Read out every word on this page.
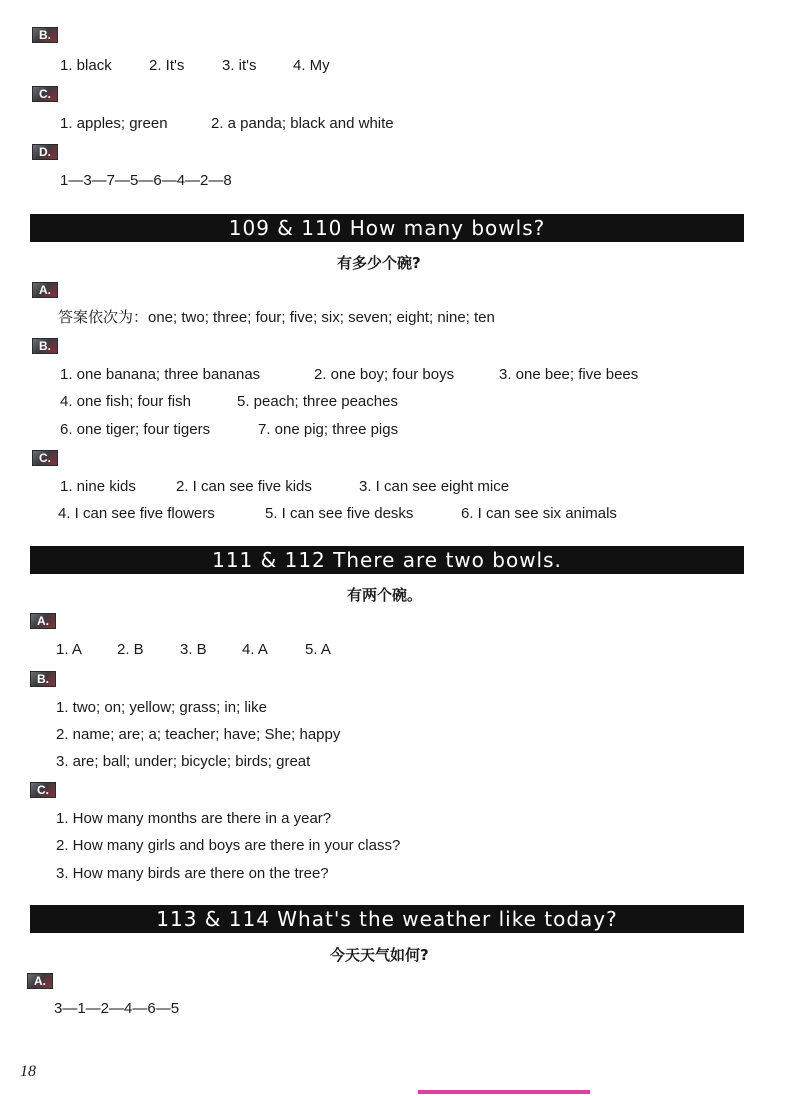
B.

1. black

2. It's

	3. it's

4. My

C.

1. apples; green

	2. a panda; black and white

D.
1—3—7—5—6—4—2—8
109 & 110 How many bowls?
有多少个碗?
A.
答案依次为：one; two; three; four; five; six; seven; eight; nine; ten
B.

1. one banana; three bananas

	2. one boy; four boys

	3. one bee; five bees

4. one fish; four fish

	5. peach; three peaches

6. one tiger; four tigers

	7. one pig; three pigs

C.

1. nine kids

	2. I can see five kids

	3. I can see eight mice

4. I can see five flowers

	5. I can see five desks

	6. I can see six animals

111 & 112 There are two bowls.
有两个碗。
A.

1. A

2. B

3. B

4. A

5. A

B.
1. two; on; yellow; grass; in; like
2. name; are; a; teacher; have; She; happy
3. are; ball; under; bicycle; birds; great
C.
1. How many months are there in a year?
2. How many girls and boys are there in your class?
3. How many birds are there on the tree?
113 & 114 What's the weather like today?
今天天气如何?
A.
3—1—2—4—6—5
18
